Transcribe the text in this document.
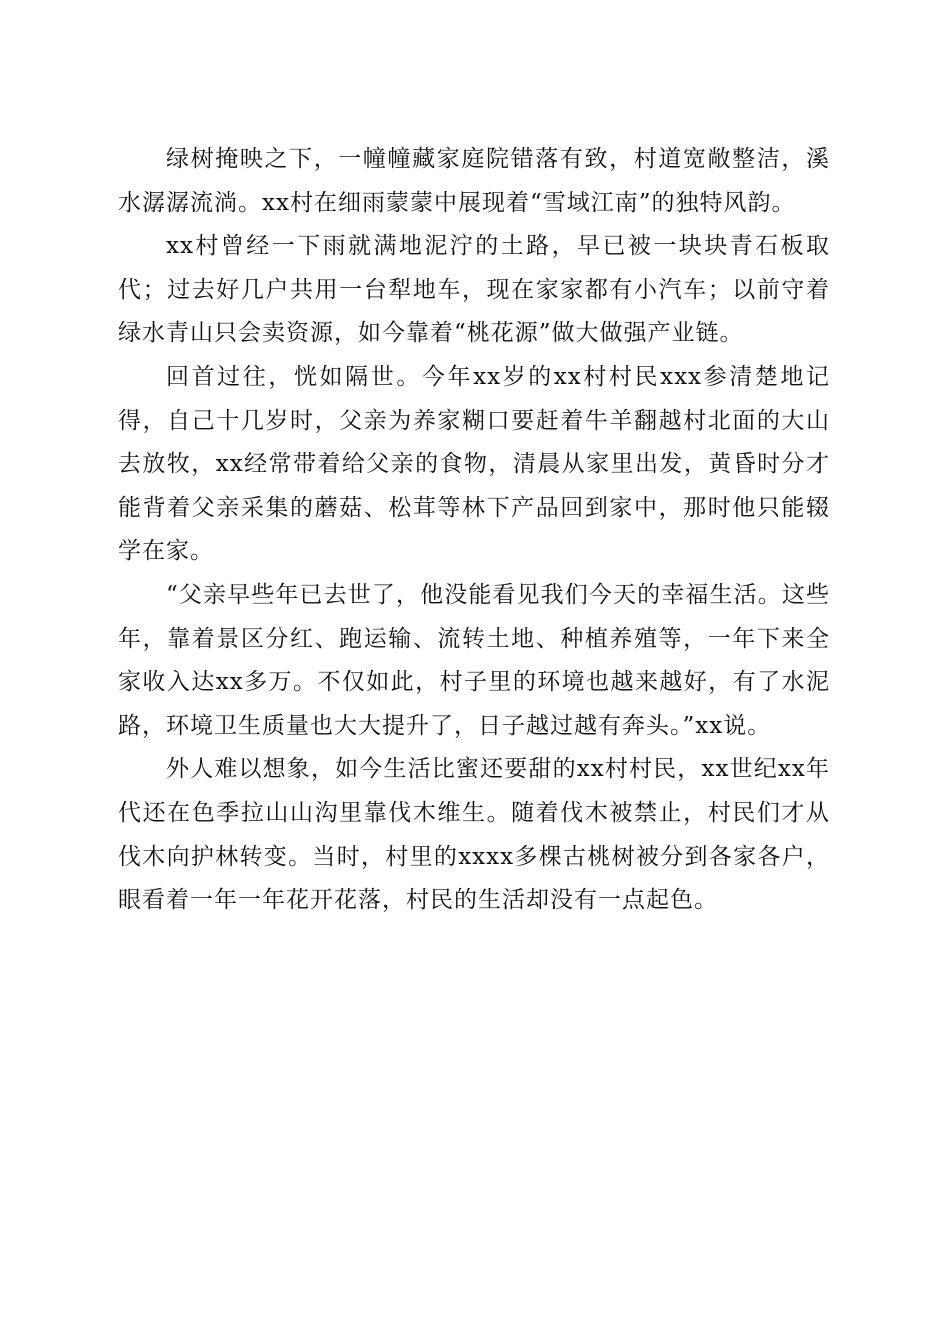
绿树掩映之下，一幢幢藏家庭院错落有致，村道宽敞整洁，溪水潺潺流淌。xx村在细雨蒙蒙中展现着“雪域江南”的独特风韵。

xx村曾经一下雨就满地泥泞的土路，早已被一块块青石板取代；过去好几户共用一台犁地车，现在家家都有小汽车；以前守着绿水青山只会卖资源，如今靠着“桃花源”做大做强产业链。

回首过往，恍如隔世。今年xx岁的xx村村民xxx参清楚地记得，自己十几岁时，父亲为养家糊口要赶着牛羊翻越村北面的大山去放牧，xx经常带着给父亲的食物，清晨从家里出发，黄昏时分才能背着父亲采集的蘑菇、松茸等林下产品回到家中，那时他只能辍学在家。

“父亲早些年已去世了，他没能看见我们今天的幸福生活。这些年，靠着景区分红、跑运输、流转土地、种植养殖等，一年下来全家收入达xx多万。不仅如此，村子里的环境也越来越好，有了水泥路，环境卫生质量也大大提升了，日子越过越有奔头。”xx说。

外人难以想象，如今生活比蜜还要甜的xx村村民，xx世纪xx年代还在色季拉山山沟里靠伐木维生。随着伐木被禁止，村民们才从伐木向护林转变。当时，村里的xxxx多棵古桃树被分到各家各户，眼看着一年一年花开花落，村民的生活却没有一点起色。
